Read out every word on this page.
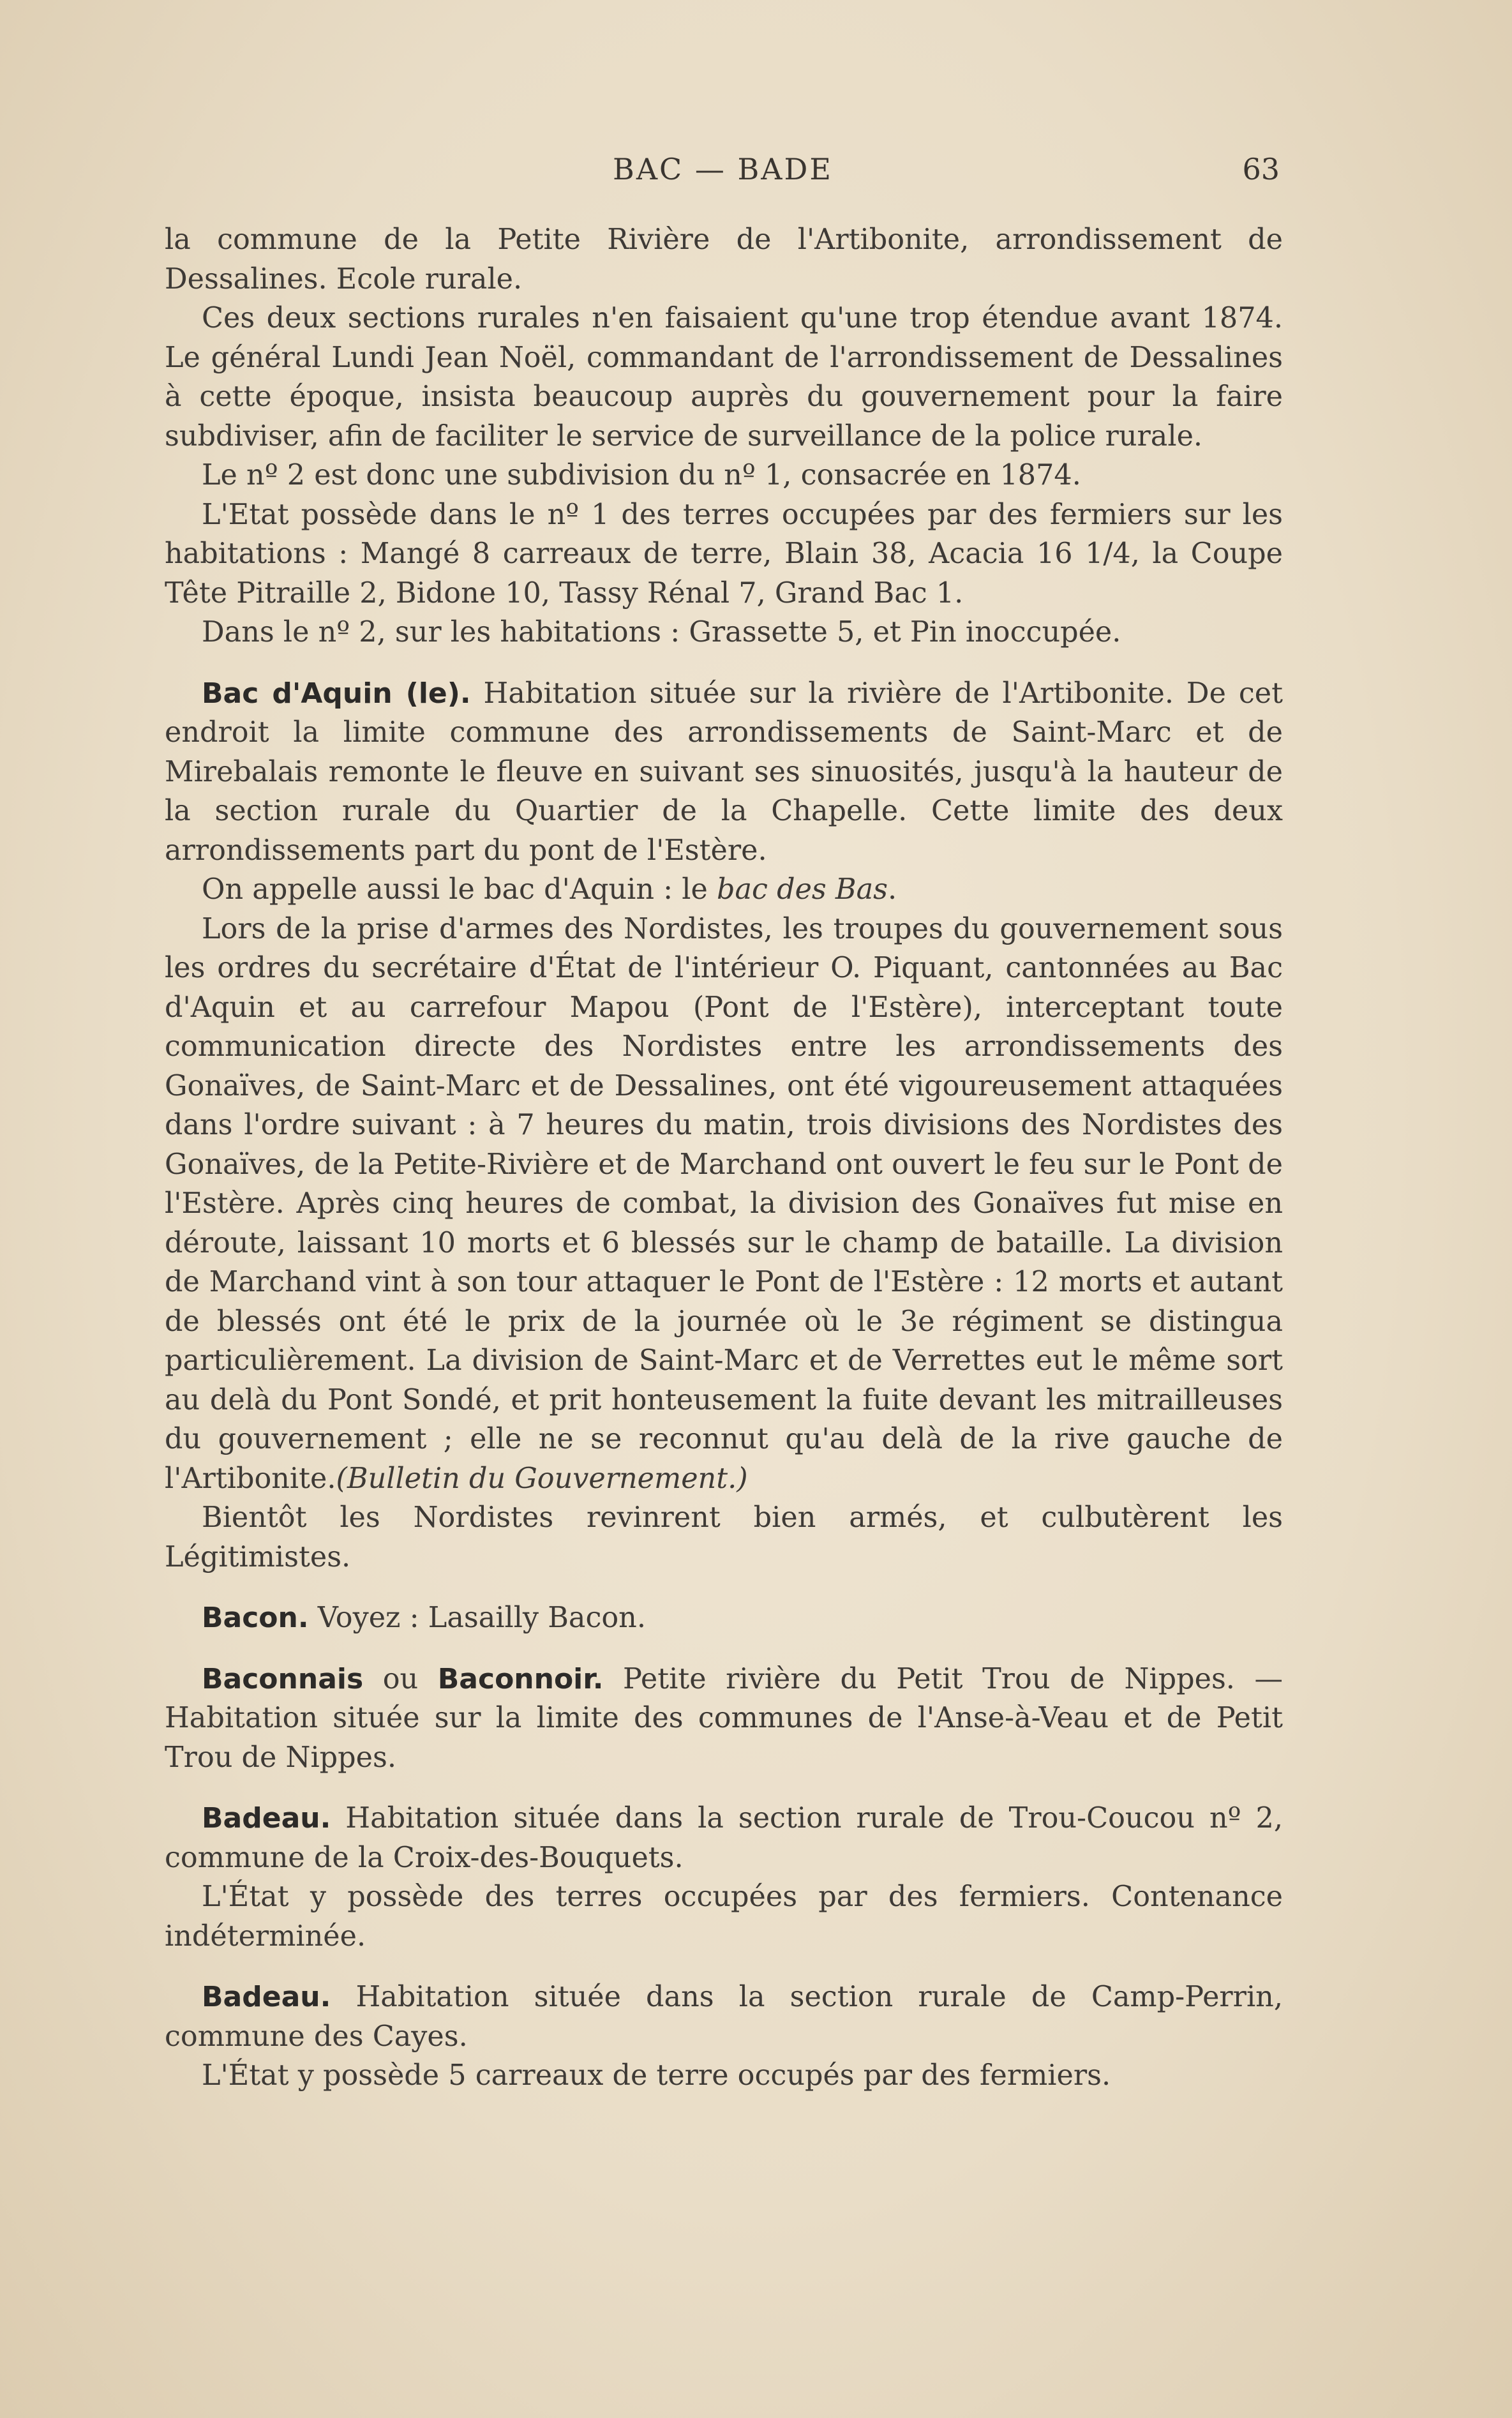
BAC — BADE	63

la commune de la Petite Rivière de l'Artibonite, arrondissement de Dessalines. Ecole rurale.

Ces deux sections rurales n'en faisaient qu'une trop étendue avant 1874. Le général Lundi Jean Noël, commandant de l'arrondissement de Dessalines à cette époque, insista beaucoup auprès du gouvernement pour la faire subdiviser, afin de faciliter le service de surveillance de la police rurale.

Le nº 2 est donc une subdivision du nº 1, consacrée en 1874.

L'Etat possède dans le nº 1 des terres occupées par des fermiers sur les habitations : Mangé 8 carreaux de terre, Blain 38, Acacia 16 1/4, la Coupe Tête Pitraille 2, Bidone 10, Tassy Rénal 7, Grand Bac 1.

Dans le nº 2, sur les habitations : Grassette 5, et Pin inoccupée.

Bac d'Aquin (le). Habitation située sur la rivière de l'Artibonite. De cet endroit la limite commune des arrondissements de Saint-Marc et de Mirebalais remonte le fleuve en suivant ses sinuosités, jusqu'à la hauteur de la section rurale du Quartier de la Chapelle. Cette limite des deux arrondissements part du pont de l'Estère.

On appelle aussi le bac d'Aquin : le bac des Bas.

Lors de la prise d'armes des Nordistes, les troupes du gouvernement sous les ordres du secrétaire d'État de l'intérieur O. Piquant, cantonnées au Bac d'Aquin et au carrefour Mapou (Pont de l'Estère), interceptant toute communication directe des Nordistes entre les arrondissements des Gonaïves, de Saint-Marc et de Dessalines, ont été vigoureusement attaquées dans l'ordre suivant : à 7 heures du matin, trois divisions des Nordistes des Gonaïves, de la Petite-Rivière et de Marchand ont ouvert le feu sur le Pont de l'Estère. Après cinq heures de combat, la division des Gonaïves fut mise en déroute, laissant 10 morts et 6 blessés sur le champ de bataille. La division de Marchand vint à son tour attaquer le Pont de l'Estère : 12 morts et autant de blessés ont été le prix de la journée où le 3e régiment se distingua particulièrement. La division de Saint-Marc et de Verrettes eut le même sort au delà du Pont Sondé, et prit honteusement la fuite devant les mitrailleuses du gouvernement ; elle ne se reconnut qu'au delà de la rive gauche de l'Artibonite.(Bulletin du Gouvernement.)

Bientôt les Nordistes revinrent bien armés, et culbutèrent les Légitimistes.

Bacon. Voyez : Lasailly Bacon.

Baconnais ou Baconnoir. Petite rivière du Petit Trou de Nippes. — Habitation située sur la limite des communes de l'Anse-à-Veau et de Petit Trou de Nippes.

Badeau. Habitation située dans la section rurale de Trou-Coucou nº 2, commune de la Croix-des-Bouquets.

L'État y possède des terres occupées par des fermiers. Contenance indéterminée.

Badeau. Habitation située dans la section rurale de Camp-Perrin, commune des Cayes.

L'État y possède 5 carreaux de terre occupés par des fermiers.
